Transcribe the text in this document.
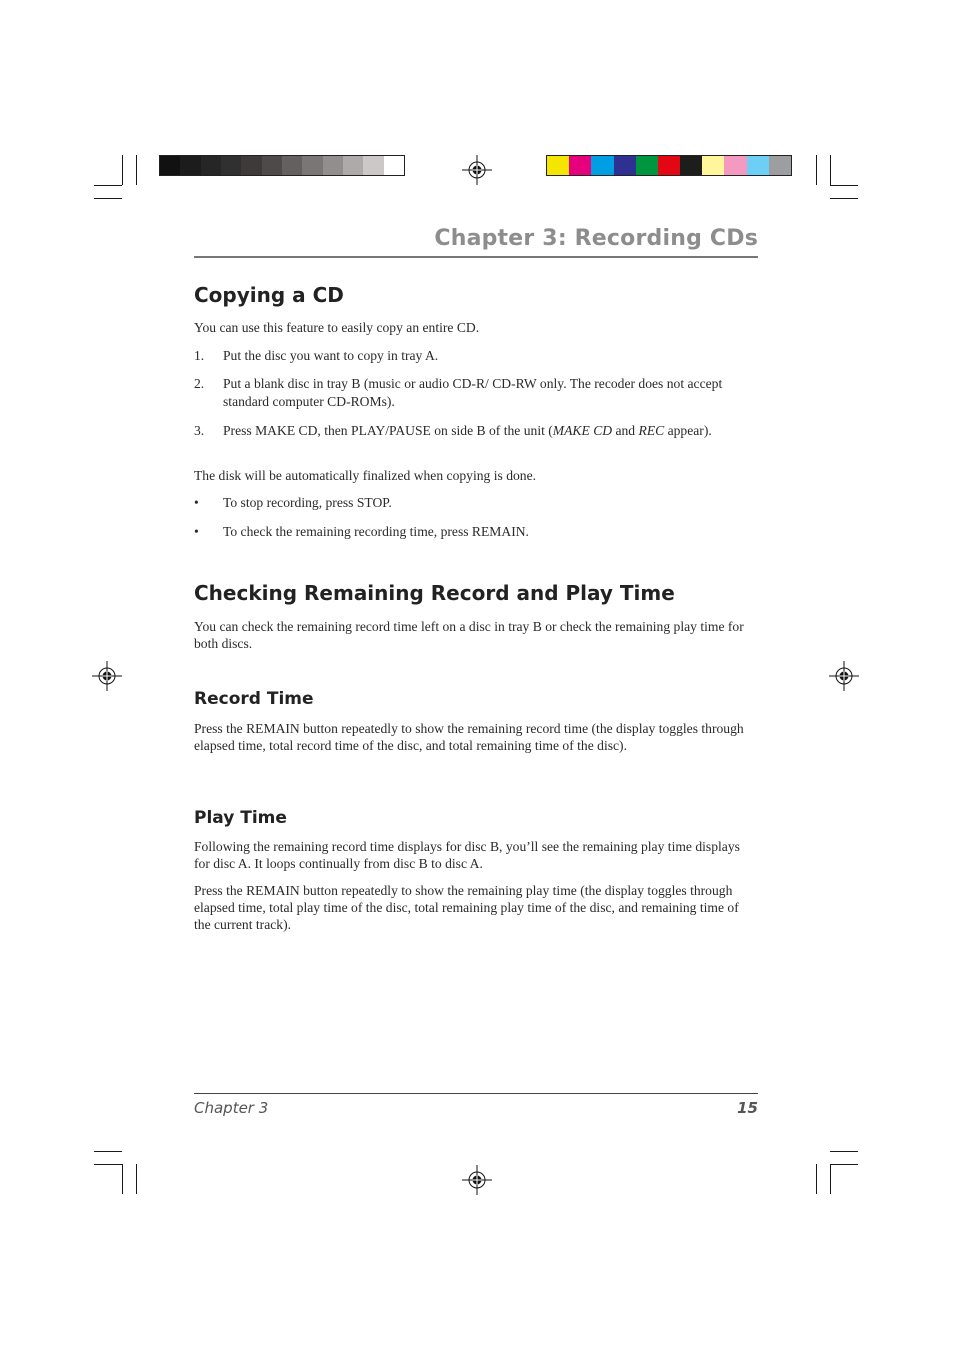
Chapter 3: Recording CDs
Copying a CD
You can use this feature to easily copy an entire CD.
1.	Put the disc you want to copy in tray A.
2.	Put a blank disc in tray B (music or audio CD-R/ CD-RW only. The recoder does not accept standard computer CD-ROMs).
3.	Press MAKE CD, then PLAY/PAUSE on side B of the unit (MAKE CD and REC appear).
The disk will be automatically finalized when copying is done.
•	To stop recording, press STOP.
•	To check the remaining recording time, press REMAIN.
Checking Remaining Record and Play Time
You can check the remaining record time left on a disc in tray B or check the remaining play time for both discs.
Record Time
Press the REMAIN button repeatedly to show the remaining record time (the display toggles through elapsed time, total record time of the disc, and total remaining time of the disc).
Play Time
Following the remaining record time displays for disc B, you’ll see the remaining play time displays for disc A. It loops continually from disc B to disc A.
Press the REMAIN button repeatedly to show the remaining play time (the display toggles through elapsed time, total play time of the disc, total remaining play time of the disc, and remaining time of the current track).
Chapter 3	15
